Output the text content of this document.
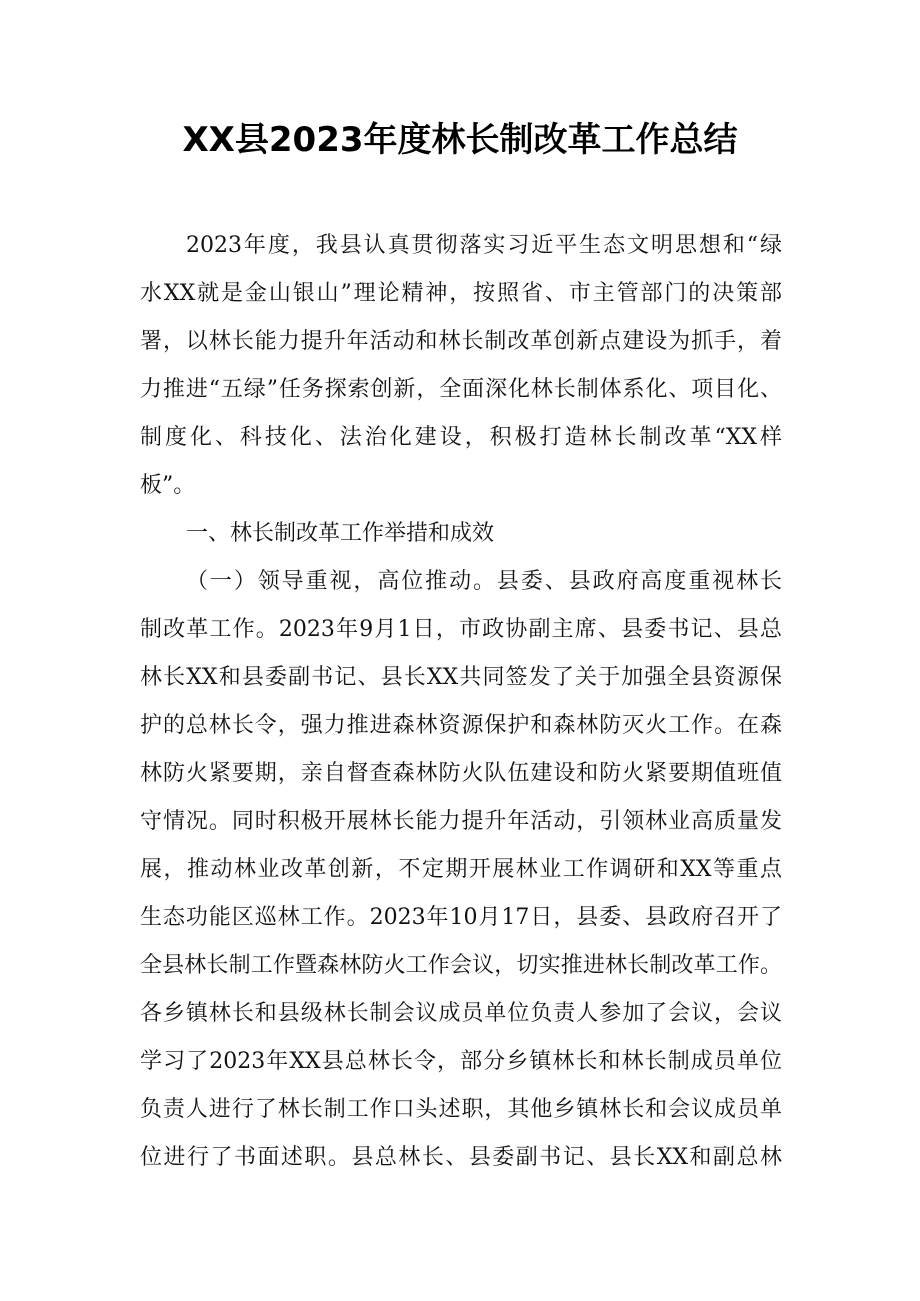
XX县2023年度林长制改革工作总结
2023年度，我县认真贯彻落实习近平生态文明思想和“绿
水XX就是金山银山”理论精神，按照省、市主管部门的决策部
署，以林长能力提升年活动和林长制改革创新点建设为抓手，着
力推进“五绿”任务探索创新，全面深化林长制体系化、项目化、
制度化、科技化、法治化建设，积极打造林长制改革“XX样
板”。
一、林长制改革工作举措和成效
（一）领导重视，高位推动。县委、县政府高度重视林长
制改革工作。2023年9月1日，市政协副主席、县委书记、县总
林长XX和县委副书记、县长XX共同签发了关于加强全县资源保
护的总林长令，强力推进森林资源保护和森林防灭火工作。在森
林防火紧要期，亲自督查森林防火队伍建设和防火紧要期值班值
守情况。同时积极开展林长能力提升年活动，引领林业高质量发
展，推动林业改革创新，不定期开展林业工作调研和XX等重点
生态功能区巡林工作。2023年10月17日，县委、县政府召开了
全县林长制工作暨森林防火工作会议，切实推进林长制改革工作。
各乡镇林长和县级林长制会议成员单位负责人参加了会议，会议
学习了2023年XX县总林长令，部分乡镇林长和林长制成员单位
负责人进行了林长制工作口头述职，其他乡镇林长和会议成员单
位进行了书面述职。县总林长、县委副书记、县长XX和副总林
